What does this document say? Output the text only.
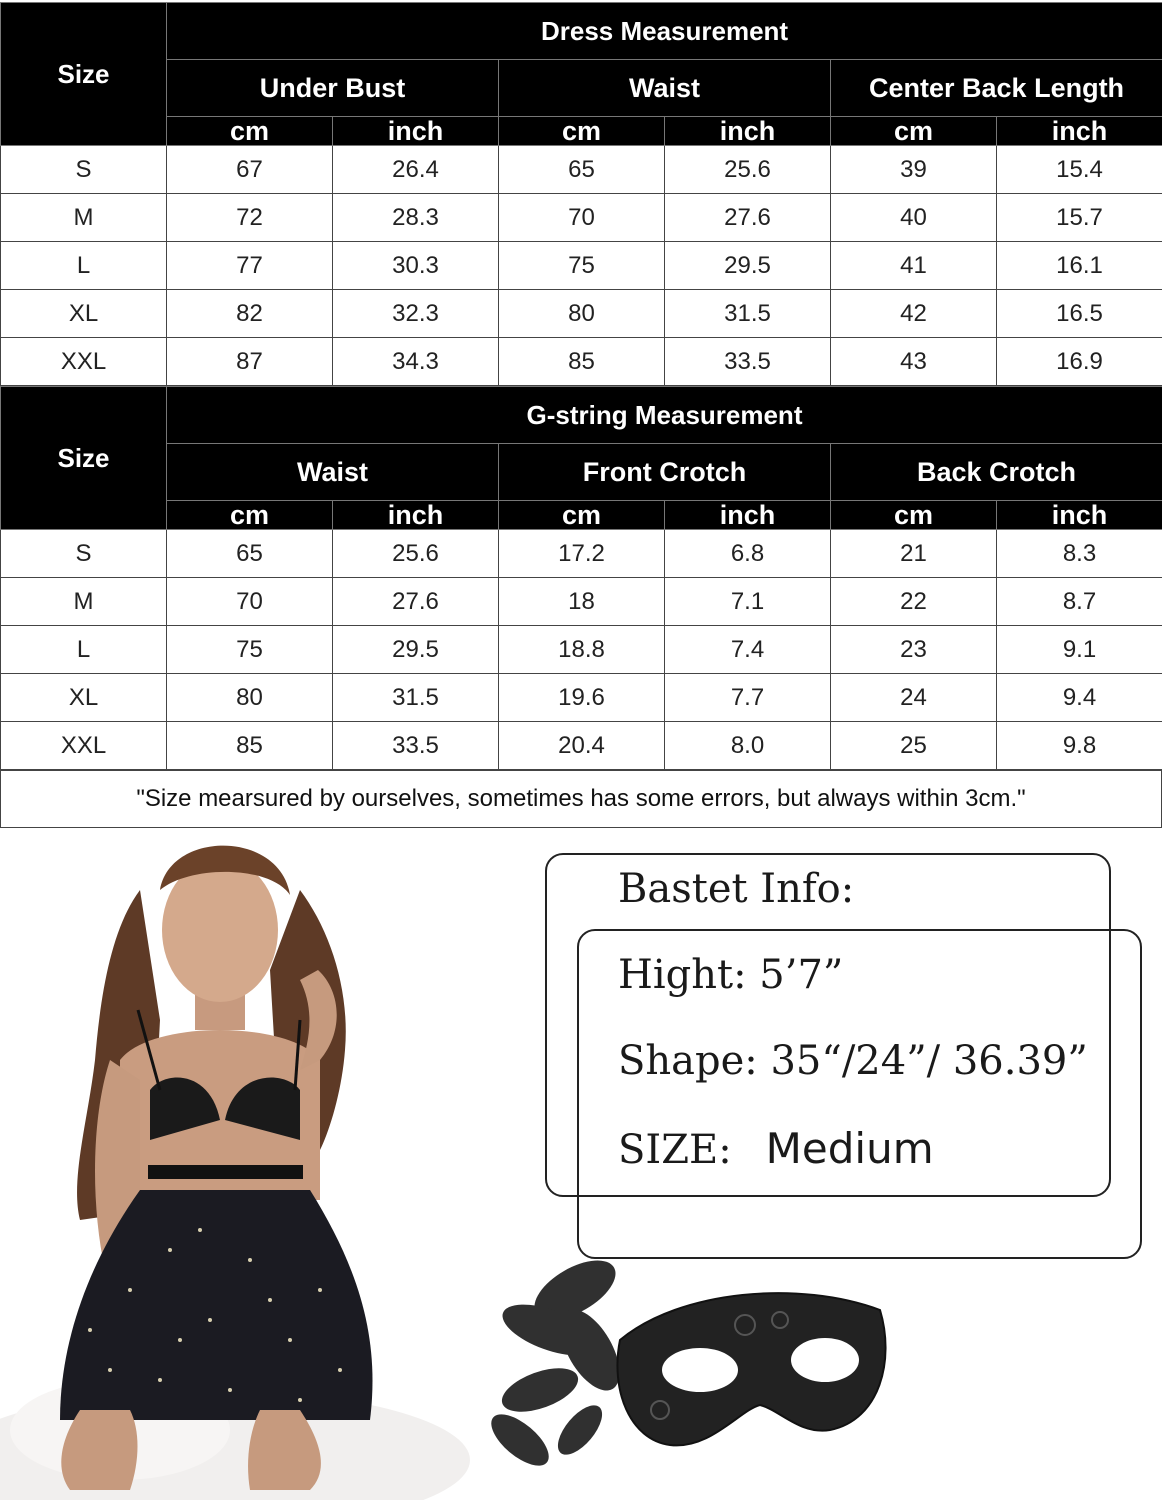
Size	Dress Measurement					
	Under Bust		Waist		Center Back Length	
	cm	inch	cm	inch	cm	inch
S	67	26.4	65	25.6	39	15.4
M	72	28.3	70	27.6	40	15.7
L	77	30.3	75	29.5	41	16.1
XL	82	32.3	80	31.5	42	16.5
XXL	87	34.3	85	33.5	43	16.9
Size	G-string Measurement					
	Waist		Front Crotch		Back Crotch	
	cm	inch	cm	inch	cm	inch
S	65	25.6	17.2	6.8	21	8.3
M	70	27.6	18	7.1	22	8.7
L	75	29.5	18.8	7.4	23	9.1
XL	80	31.5	19.6	7.7	24	9.4
XXL	85	33.5	20.4	8.0	25	9.8
"Size mearsured by ourselves, sometimes has some errors, but always within 3cm."
Bastet Info:
Hight: 5’7”
Shape: 35“/24”/ 36.39”
SIZE: Medium
